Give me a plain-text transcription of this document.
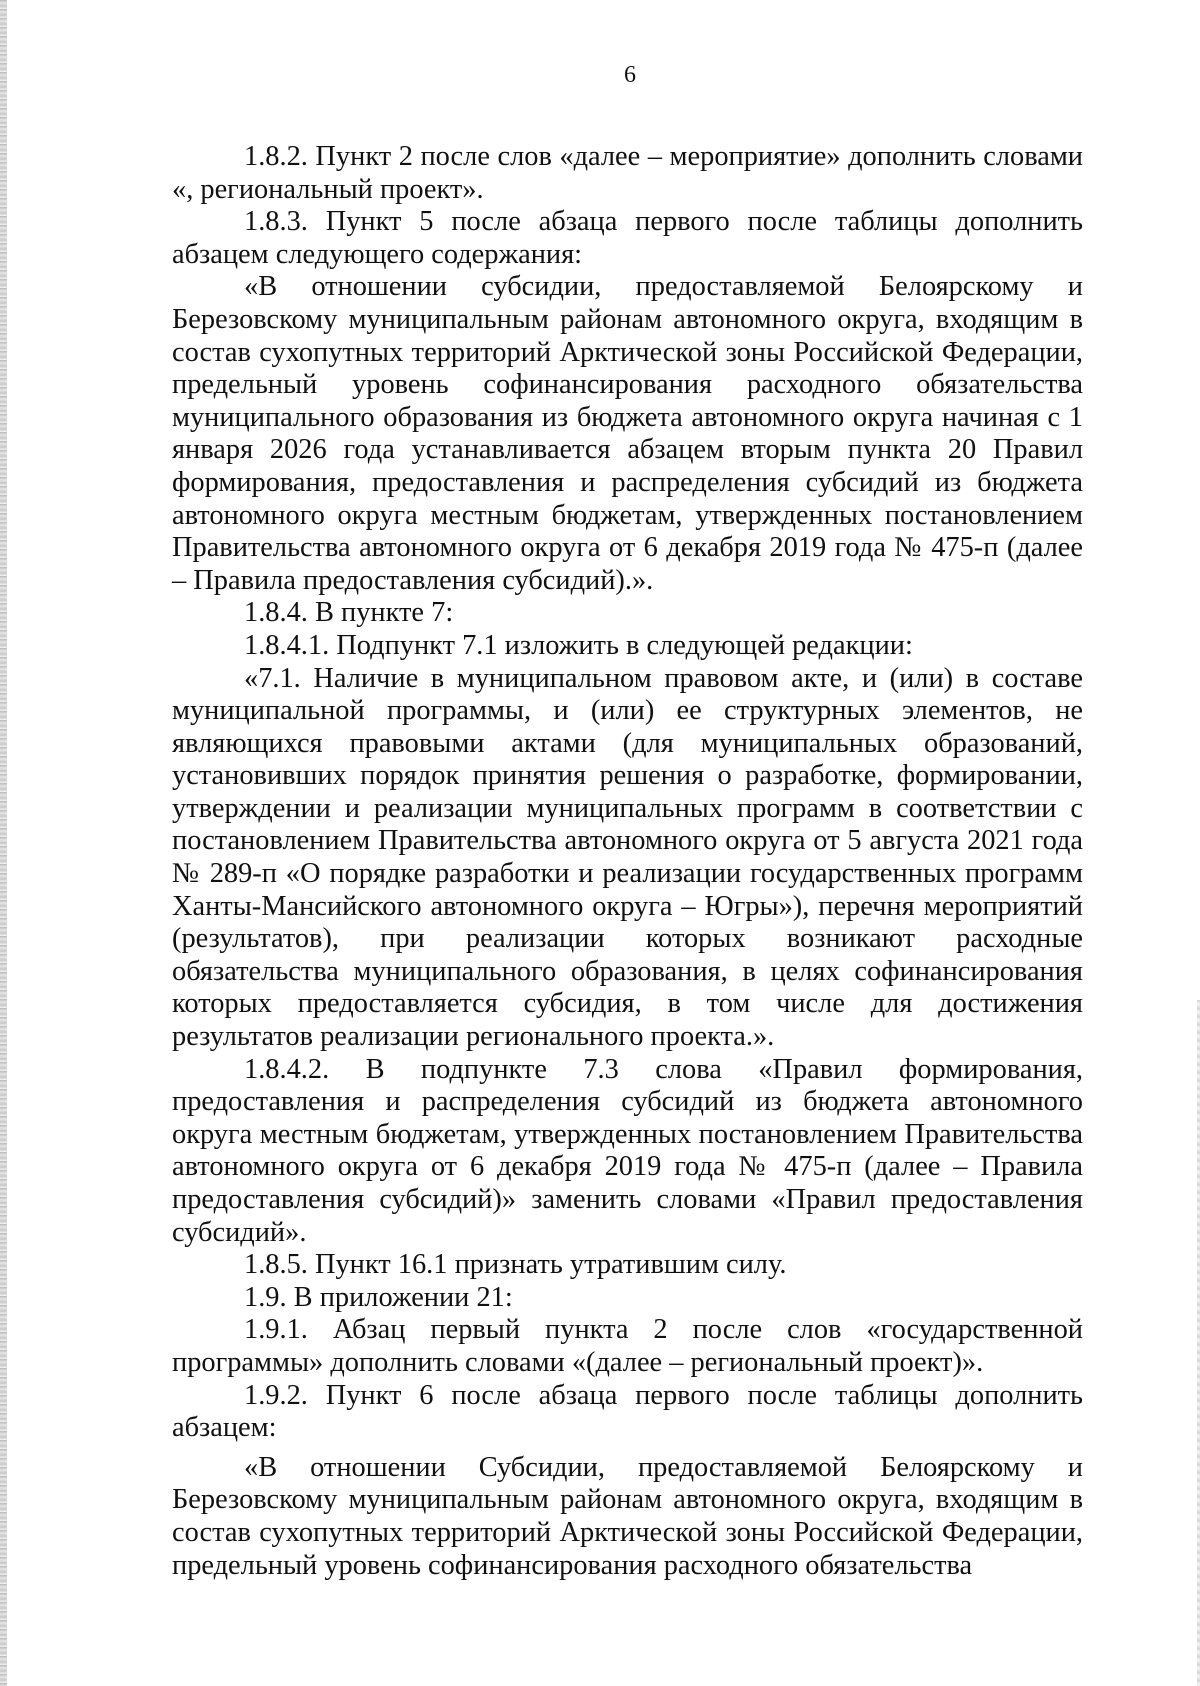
6

1.8.2. Пункт 2 после слов «далее – мероприятие» дополнить словами «, региональный проект».

1.8.3. Пункт 5 после абзаца первого после таблицы дополнить абзацем следующего содержания:

«В отношении субсидии, предоставляемой Белоярскому и Березовскому муниципальным районам автономного округа, входящим в состав сухопутных территорий Арктической зоны Российской Федерации, предельный уровень софинансирования расходного обязательства муниципального образования из бюджета автономного округа начиная с 1 января 2026 года устанавливается абзацем вторым пункта 20 Правил формирования, предоставления и распределения субсидий из бюджета автономного округа местным бюджетам, утвержденных постановлением Правительства автономного округа от 6 декабря 2019 года № 475-п (далее – Правила предоставления субсидий).».

1.8.4. В пункте 7:

1.8.4.1. Подпункт 7.1 изложить в следующей редакции:

«7.1. Наличие в муниципальном правовом акте, и (или) в составе муниципальной программы, и (или) ее структурных элементов, не являющихся правовыми актами (для муниципальных образований, установивших порядок принятия решения о разработке, формировании, утверждении и реализации муниципальных программ в соответствии с постановлением Правительства автономного округа от 5 августа 2021 года № 289-п «О порядке разработки и реализации государственных программ Ханты-Мансийского автономного округа – Югры»), перечня мероприятий (результатов), при реализации которых возникают расходные обязательства муниципального образования, в целях софинансирования которых предоставляется субсидия, в том числе для достижения результатов реализации регионального проекта.».

1.8.4.2. В подпункте 7.3 слова «Правил формирования, предоставления и распределения субсидий из бюджета автономного округа местным бюджетам, утвержденных постановлением Правительства автономного округа от 6 декабря 2019 года № 475-п (далее – Правила предоставления субсидий)» заменить словами «Правил предоставления субсидий».

1.8.5. Пункт 16.1 признать утратившим силу.

1.9. В приложении 21:

1.9.1. Абзац первый пункта 2 после слов «государственной программы» дополнить словами «(далее – региональный проект)».

1.9.2. Пункт 6 после абзаца первого после таблицы дополнить абзацем:

«В отношении Субсидии, предоставляемой Белоярскому и Березовскому муниципальным районам автономного округа, входящим в состав сухопутных территорий Арктической зоны Российской Федерации, предельный уровень софинансирования расходного обязательства
